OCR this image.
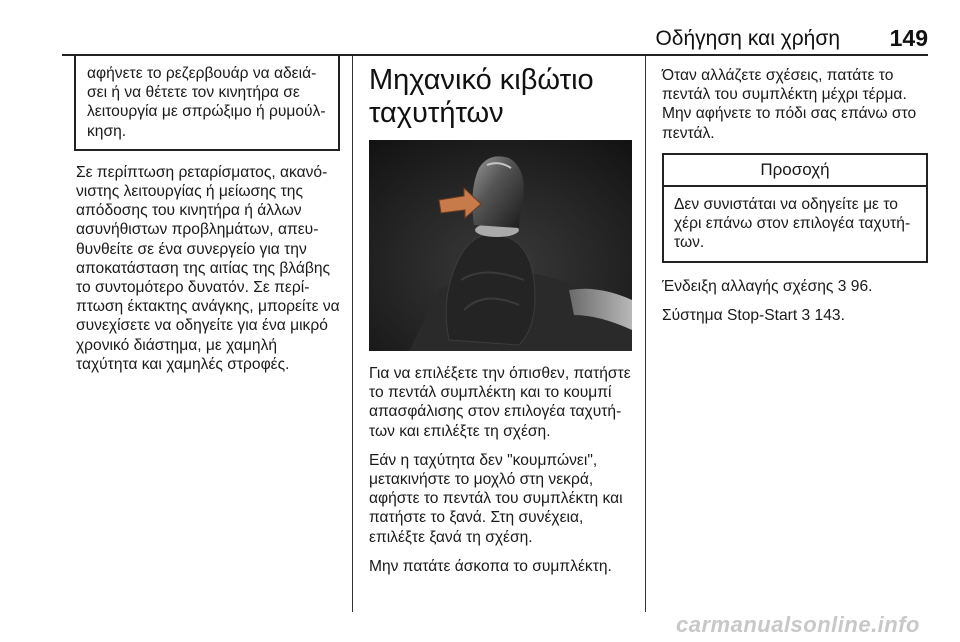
Οδήγηση και χρήση 149
αφήνετε το ρεζερβουάρ να αδειά-σει ή να θέτετε τον κινητήρα σε λειτουργία με σπρώξιμο ή ρυμούλ-κηση.

Σε περίπτωση ρεταρίσματος, ακανό-νιστης λειτουργίας ή μείωσης της απόδοσης του κινητήρα ή άλλων ασυνήθιστων προβλημάτων, απευ-θυνθείτε σε ένα συνεργείο για την αποκατάσταση της αιτίας της βλάβης το συντομότερο δυνατόν. Σε περί-πτωση έκτακτης ανάγκης, μπορείτε να συνεχίσετε να οδηγείτε για ένα μικρό χρονικό διάστημα, με χαμηλή ταχύτητα και χαμηλές στροφές.

Μηχανικό κιβώτιο
ταχυτήτων

Για να επιλέξετε την όπισθεν, πατήστε το πεντάλ συμπλέκτη και το κουμπί απασφάλισης στον επιλογέα ταχυτή-των και επιλέξτε τη σχέση.

Εάν η ταχύτητα δεν "κουμπώνει", μετακινήστε το μοχλό στη νεκρά, αφήστε το πεντάλ του συμπλέκτη και πατήστε το ξανά. Στη συνέχεια, επιλέξτε ξανά τη σχέση.

Μην πατάτε άσκοπα το συμπλέκτη.

Όταν αλλάζετε σχέσεις, πατάτε το πεντάλ του συμπλέκτη μέχρι τέρμα. Μην αφήνετε το πόδι σας επάνω στο πεντάλ.

Προσοχή
Δεν συνιστάται να οδηγείτε με το χέρι επάνω στον επιλογέα ταχυτή-των.

Ένδειξη αλλαγής σχέσης 3 96.

Σύστημα Stop-Start 3 143.

carmanualsonline.info
